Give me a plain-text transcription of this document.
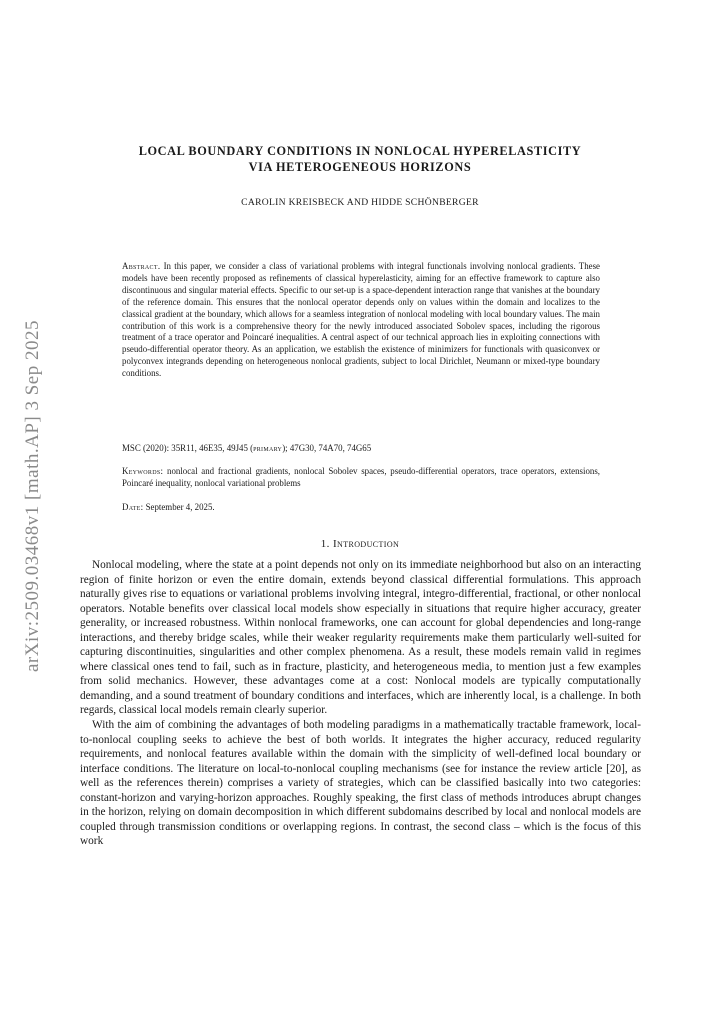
arXiv:2509.03468v1 [math.AP] 3 Sep 2025
LOCAL BOUNDARY CONDITIONS IN NONLOCAL HYPERELASTICITY
VIA HETEROGENEOUS HORIZONS
CAROLIN KREISBECK AND HIDDE SCHÖNBERGER
Abstract. In this paper, we consider a class of variational problems with integral functionals involving nonlocal gradients. These models have been recently proposed as refinements of classical hyperelasticity, aiming for an effective framework to capture also discontinuous and singular material effects. Specific to our set-up is a space-dependent interaction range that vanishes at the boundary of the reference domain. This ensures that the nonlocal operator depends only on values within the domain and localizes to the classical gradient at the boundary, which allows for a seamless integration of nonlocal modeling with local boundary values. The main contribution of this work is a comprehensive theory for the newly introduced associated Sobolev spaces, including the rigorous treatment of a trace operator and Poincaré inequalities. A central aspect of our technical approach lies in exploiting connections with pseudo-differential operator theory. As an application, we establish the existence of minimizers for functionals with quasiconvex or polyconvex integrands depending on heterogeneous nonlocal gradients, subject to local Dirichlet, Neumann or mixed-type boundary conditions.
MSC (2020): 35R11, 46E35, 49J45 (primary); 47G30, 74A70, 74G65
Keywords: nonlocal and fractional gradients, nonlocal Sobolev spaces, pseudo-differential operators, trace operators, extensions, Poincaré inequality, nonlocal variational problems
Date: September 4, 2025.
1. Introduction

Nonlocal modeling, where the state at a point depends not only on its immediate neighborhood but also on an interacting region of finite horizon or even the entire domain, extends beyond classical differential formulations. This approach naturally gives rise to equations or variational problems involving integral, integro-differential, fractional, or other nonlocal operators. Notable benefits over classical local models show especially in situations that require higher accuracy, greater generality, or increased robustness. Within nonlocal frameworks, one can account for global dependencies and long-range interactions, and thereby bridge scales, while their weaker regularity requirements make them particularly well-suited for capturing discontinuities, singularities and other complex phenomena. As a result, these models remain valid in regimes where classical ones tend to fail, such as in fracture, plasticity, and heterogeneous media, to mention just a few examples from solid mechanics. However, these advantages come at a cost: Nonlocal models are typically computationally demanding, and a sound treatment of boundary conditions and interfaces, which are inherently local, is a challenge. In both regards, classical local models remain clearly superior.

With the aim of combining the advantages of both modeling paradigms in a mathematically tractable framework, local-to-nonlocal coupling seeks to achieve the best of both worlds. It integrates the higher accuracy, reduced regularity requirements, and nonlocal features available within the domain with the simplicity of well-defined local boundary or interface conditions. The literature on local-to-nonlocal coupling mechanisms (see for instance the review article [20], as well as the references therein) comprises a variety of strategies, which can be classified basically into two categories: constant-horizon and varying-horizon approaches. Roughly speaking, the first class of methods introduces abrupt changes in the horizon, relying on domain decomposition in which different subdomains described by local and nonlocal models are coupled through transmission conditions or overlapping regions. In contrast, the second class – which is the focus of this work
